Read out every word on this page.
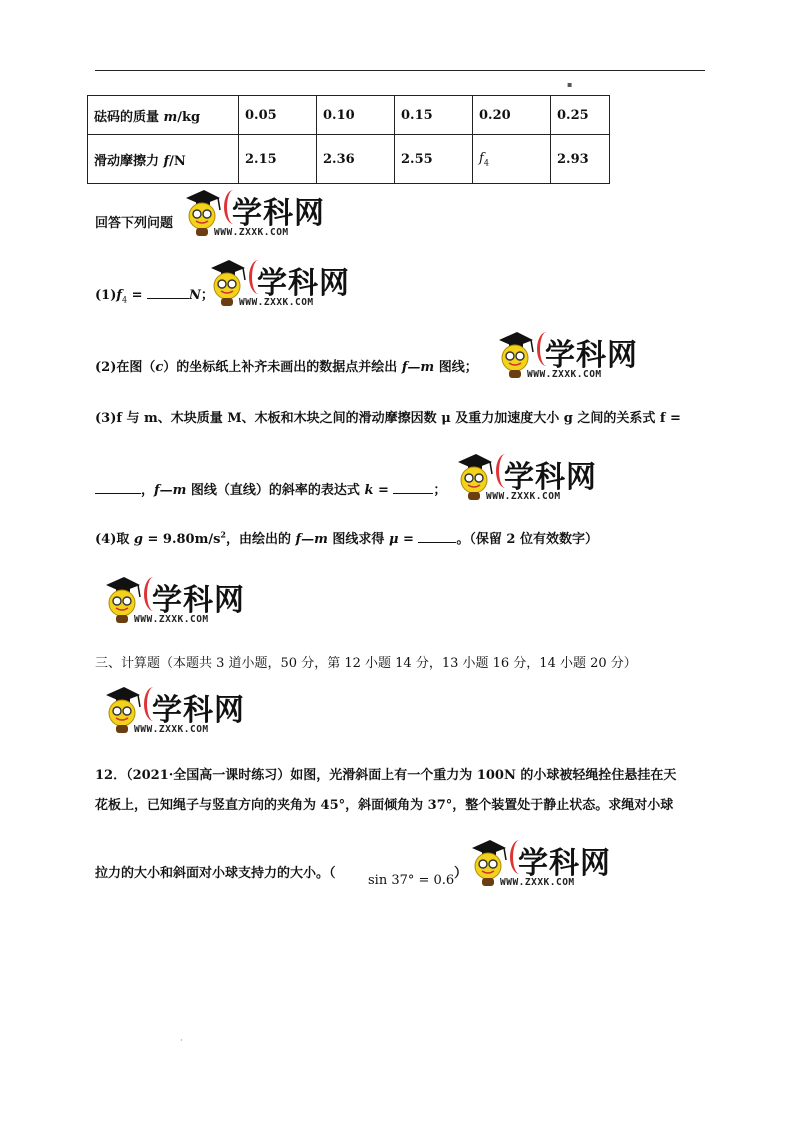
▪
砝码的质量 m/kg	0.05	0.10	0.15	0.20	0.25
滑动摩擦力 f/N	2.15	2.36	2.55	$f_4$	2.93
学科网
WWW.ZXXK.COM
学科网
WWW.ZXXK.COM
学科网
WWW.ZXXK.COM
学科网
WWW.ZXXK.COM
学科网
WWW.ZXXK.COM
学科网
WWW.ZXXK.COM
学科网
WWW.ZXXK.COM
回答下列问题
$(1)f_4$ =	N；
(2)在图（c）的坐标纸上补齐未画出的数据点并绘出 f—m 图线；
(3)f 与 m、木块质量 M、木板和木块之间的滑动摩擦因数 μ 及重力加速度大小 g 之间的关系式 f =
，f—m 图线（直线）的斜率的表达式 k =	；
(4)取 $g = 9.80m/s^2$，由绘出的 f—m 图线求得 μ =	。（保留 2 位有效数字）
三、计算题（本题共 3 道小题，50 分，第 12 小题 14 分，13 小题 16 分，14 小题 20 分）
12．（2021·全国高一课时练习）如图，光滑斜面上有一个重力为 100N 的小球被轻绳拴住悬挂在天
花板上，已知绳子与竖直方向的夹角为 45°，斜面倾角为 37°，整个装置处于静止状态。求绳对小球
拉力的大小和斜面对小球支持力的大小。（ sin 37° = 0.6 ）
·
